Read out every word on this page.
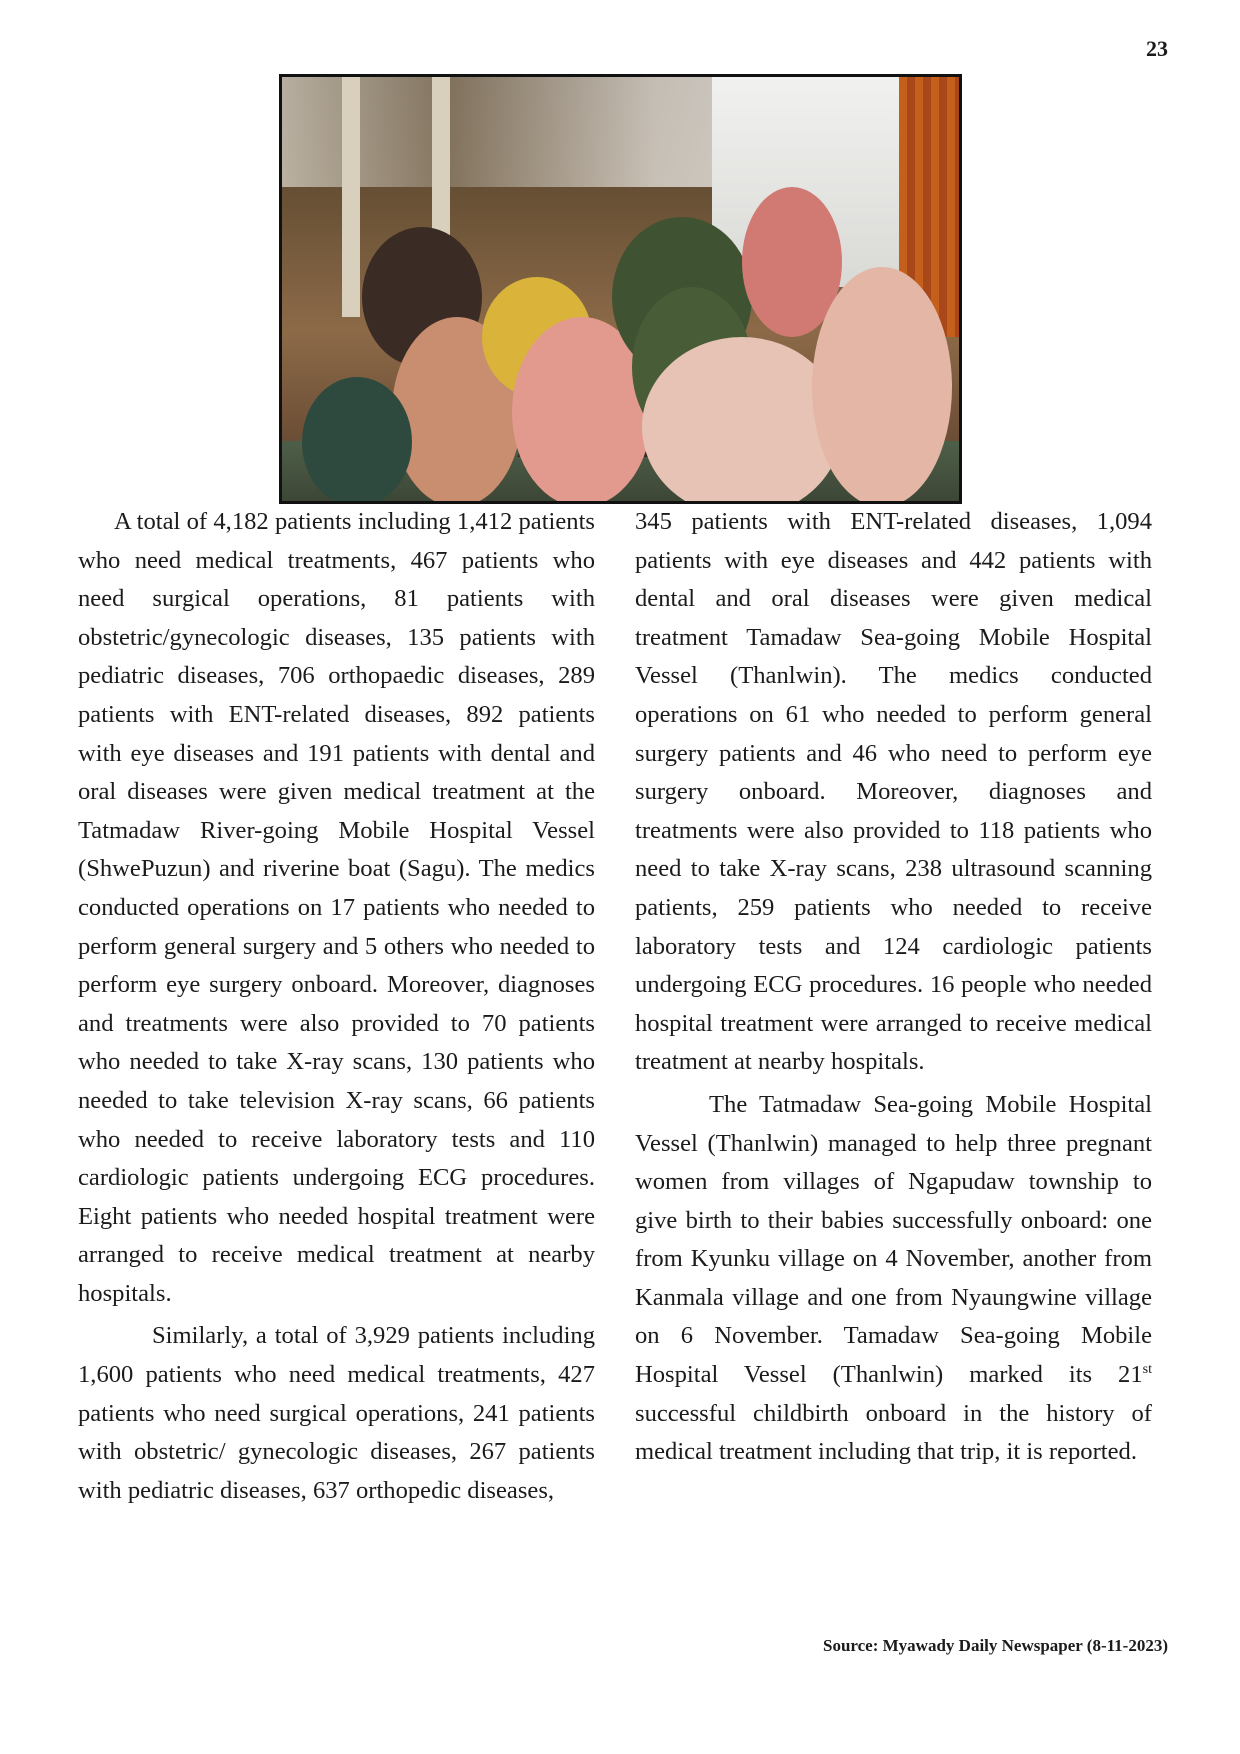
23

A total of 4,182 patients including 1,412 patients who need medical treatments, 467 patients who need surgical operations, 81 patients with obstetric/gynecologic diseases, 135 patients with pediatric diseases, 706 orthopaedic diseases, 289 patients with ENT-related diseases, 892 patients with eye diseases and 191 patients with dental and oral diseases were given medical treatment at the Tatmadaw River-going Mobile Hospital Vessel (ShwePuzun) and riverine boat (Sagu). The medics conducted operations on 17 patients who needed to perform general surgery and 5 others who needed to perform eye surgery onboard. Moreover, diagnoses and treatments were also provided to 70 patients who needed to take X-ray scans, 130 patients who needed to take television X-ray scans, 66 patients who needed to receive laboratory tests and 110 cardiologic patients undergoing ECG procedures. Eight patients who needed hospital treatment were arranged to receive medical treatment at nearby hospitals.

Similarly, a total of 3,929 patients including 1,600 patients who need medical treatments, 427 patients who need surgical operations, 241 patients with obstetric/ gynecologic diseases, 267 patients with pediatric diseases, 637 orthopedic diseases,

345 patients with ENT-related diseases, 1,094 patients with eye diseases and 442 patients with dental and oral diseases were given medical treatment Tamadaw Sea-going Mobile Hospital Vessel (Thanlwin). The medics conducted operations on 61 who needed to perform general surgery patients and 46 who need to perform eye surgery onboard. Moreover, diagnoses and treatments were also provided to 118 patients who need to take X-ray scans, 238 ultrasound scanning patients, 259 patients who needed to receive laboratory tests and 124 cardiologic patients undergoing ECG procedures. 16 people who needed hospital treatment were arranged to receive medical treatment at nearby hospitals.

The Tatmadaw Sea-going Mobile Hospital Vessel (Thanlwin) managed to help three pregnant women from villages of Ngapudaw township to give birth to their babies successfully onboard: one from Kyunku village on 4 November, another from Kanmala village and one from Nyaungwine village on 6 November. Tamadaw Sea-going Mobile Hospital Vessel (Thanlwin) marked its 21st successful childbirth onboard in the history of medical treatment including that trip, it is reported.

Source: Myawady Daily Newspaper (8-11-2023)
